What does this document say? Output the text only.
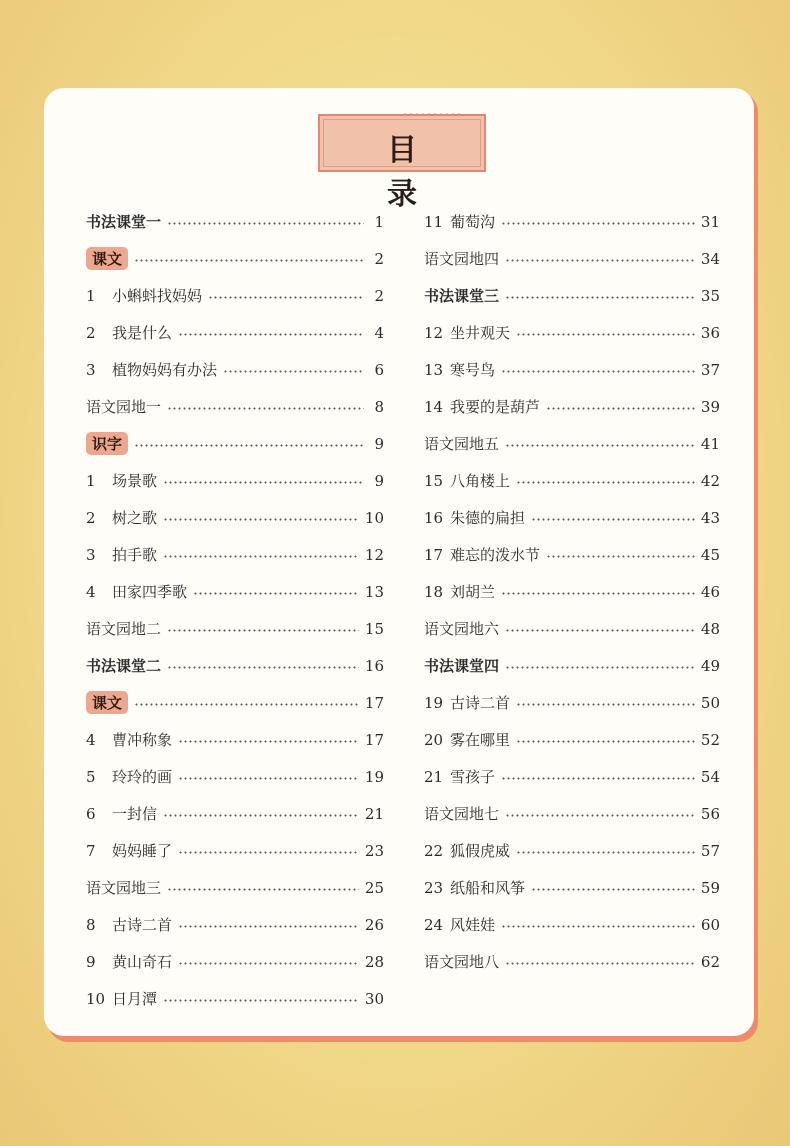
目 录
书法课堂一	1
课文	2
1	小蝌蚪找妈妈	2
2	我是什么	4
3	植物妈妈有办法	6
语文园地一	8
识字	9
1	场景歌	9
2	树之歌	10
3	拍手歌	12
4	田家四季歌	13
语文园地二	15
书法课堂二	16
课文	17
4	曹冲称象	17
5	玲玲的画	19
6	一封信	21
7	妈妈睡了	23
语文园地三	25
8	古诗二首	26
9	黄山奇石	28
10 日月潭	30
11 葡萄沟	31
语文园地四	34
书法课堂三	35
12 坐井观天	36
13 寒号鸟	37
14 我要的是葫芦	39
语文园地五	41
15 八角楼上	42
16 朱德的扁担	43
17 难忘的泼水节	45
18 刘胡兰	46
语文园地六	48
书法课堂四	49
19 古诗二首	50
20 雾在哪里	52
21 雪孩子	54
语文园地七	56
22 狐假虎威	57
23 纸船和风筝	59
24 风娃娃	60
语文园地八	62
